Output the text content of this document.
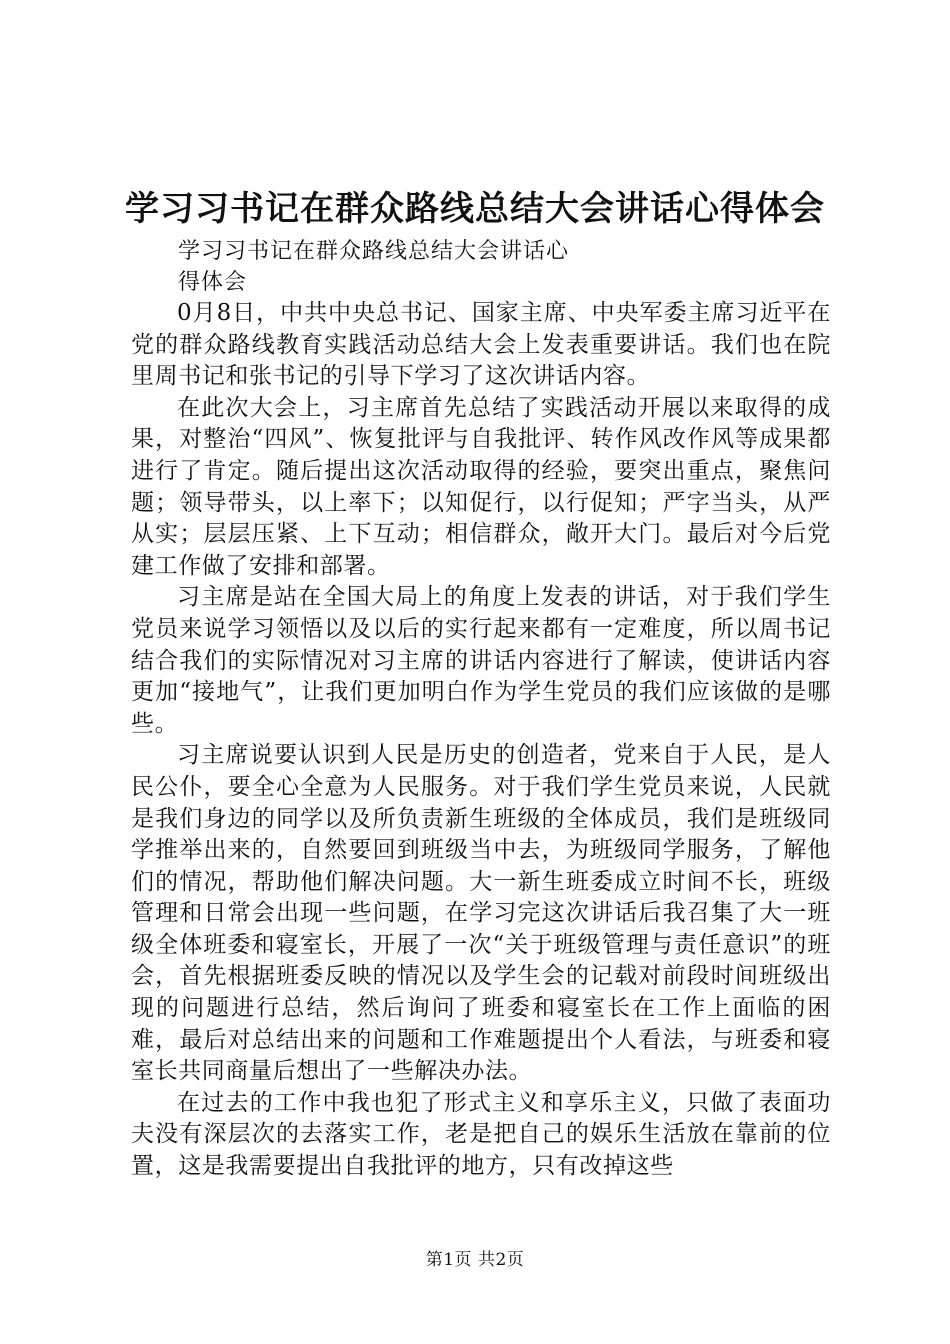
学习习书记在群众路线总结大会讲话心得体会
学习习书记在群众路线总结大会讲话心
得体会

0月8日，中共中央总书记、国家主席、中央军委主席习近平在党的群众路线教育实践活动总结大会上发表重要讲话。我们也在院里周书记和张书记的引导下学习了这次讲话内容。

在此次大会上，习主席首先总结了实践活动开展以来取得的成果，对整治“四风”、恢复批评与自我批评、转作风改作风等成果都进行了肯定。随后提出这次活动取得的经验，要突出重点，聚焦问题；领导带头，以上率下；以知促行，以行促知；严字当头，从严从实；层层压紧、上下互动；相信群众，敞开大门。最后对今后党建工作做了安排和部署。

习主席是站在全国大局上的角度上发表的讲话，对于我们学生党员来说学习领悟以及以后的实行起来都有一定难度，所以周书记结合我们的实际情况对习主席的讲话内容进行了解读，使讲话内容更加“接地气”，让我们更加明白作为学生党员的我们应该做的是哪些。

习主席说要认识到人民是历史的创造者，党来自于人民，是人民公仆，要全心全意为人民服务。对于我们学生党员来说，人民就是我们身边的同学以及所负责新生班级的全体成员，我们是班级同学推举出来的，自然要回到班级当中去，为班级同学服务，了解他们的情况，帮助他们解决问题。大一新生班委成立时间不长，班级管理和日常会出现一些问题，在学习完这次讲话后我召集了大一班级全体班委和寝室长，开展了一次“关于班级管理与责任意识”的班会，首先根据班委反映的情况以及学生会的记载对前段时间班级出现的问题进行总结，然后询问了班委和寝室长在工作上面临的困难，最后对总结出来的问题和工作难题提出个人看法，与班委和寝室长共同商量后想出了一些解决办法。

在过去的工作中我也犯了形式主义和享乐主义，只做了表面功夫没有深层次的去落实工作，老是把自己的娱乐生活放在靠前的位置，这是我需要提出自我批评的地方，只有改掉这些

第1页 共2页
